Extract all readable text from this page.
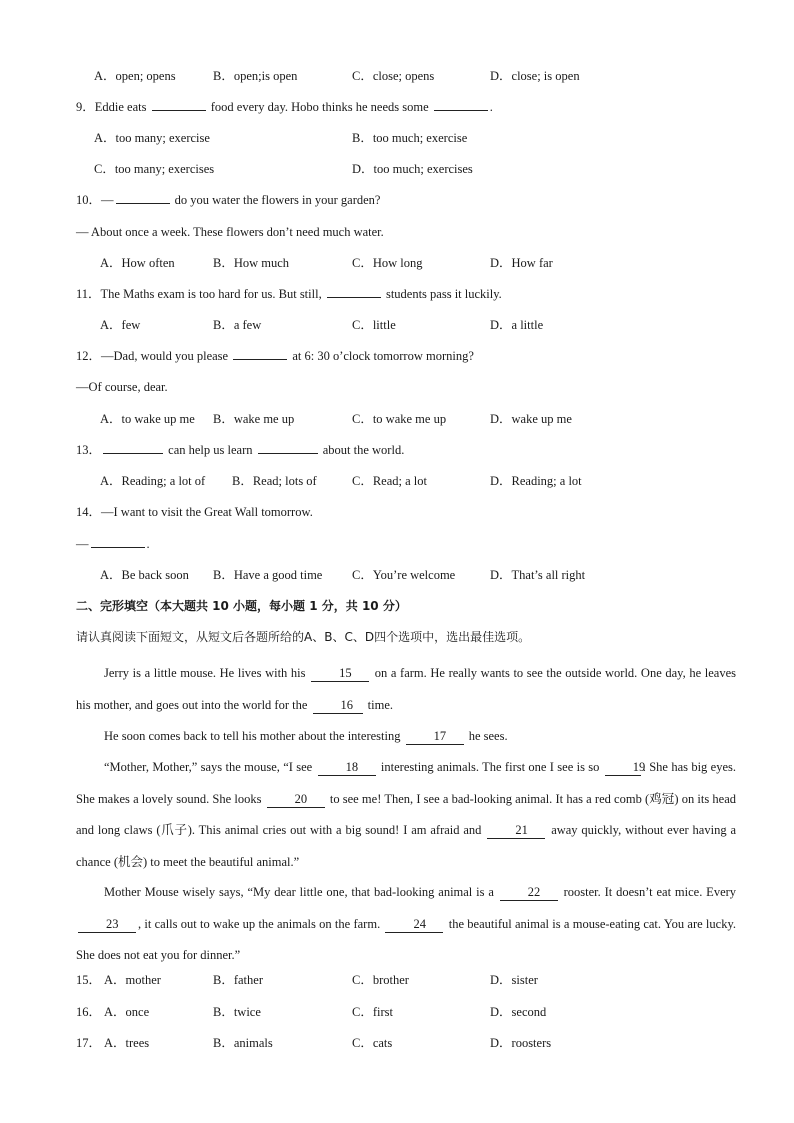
A．open; opens	B．open;is open	C．close; opens	D．close; is open
9．Eddie eats	food every day. Hobo thinks he needs some	.
A．too many; exercise	B．too much; exercise
C．too many; exercises	D．too much; exercises
10．—	do you water the flowers in your garden?
— About once a week. These flowers don’t need much water.
A．How often	B．How much	C．How long	D．How far
11．The Maths exam is too hard for us. But still,	students pass it luckily.
A．few	B．a few	C．little	D．a little
12．—Dad, would you please	at 6: 30 o’clock tomorrow morning?
—Of course, dear.
A．to wake up me B．wake me up	C．to wake me up	D．wake up me
13．	can help us learn	about the world.
A．Reading; a lot of B．Read; lots of	C．Read; a lot	D．Reading; a lot
14．—I want to visit the Great Wall tomorrow.
—	.
A．Be back soon B．Have a good time C．You’re welcome	D．That’s all right
二、完形填空（本大题共 10 小题，每小题 1 分，共 10 分）
请认真阅读下面短文，从短文后各题所给的A、B、C、D四个选项中，选出最佳选项。
Jerry is a little mouse. He lives with his	15 on a farm. He really wants to see the outside world. One day, he leaves his mother, and goes out into the world for the	16 time.
He soon comes back to tell his mother about the interesting	17 he sees.
“Mother, Mother,” says the mouse, “I see	18 interesting animals. The first one I see is so	19. She has big eyes. She makes a lovely sound. She looks	20 to see me! Then, I see a bad-looking animal. It has a red comb (鸡冠) on its head and long claws (爪子). This animal cries out with a big sound! I am afraid and	21 away quickly, without ever having a chance (机会) to meet the beautiful animal.”
Mother Mouse wisely says, “My dear little one, that bad-looking animal is a	22 rooster. It doesn’t eat mice. Every 23 , it calls out to wake up the animals on the farm.	24 the beautiful animal is a mouse-eating cat. You are lucky. She does not eat you for dinner.”
15． A．mother	B．father	C．brother	D．sister
16． A．once	B．twice	C．first	D．second
17． A．trees	B．animals	C．cats	D．roosters
